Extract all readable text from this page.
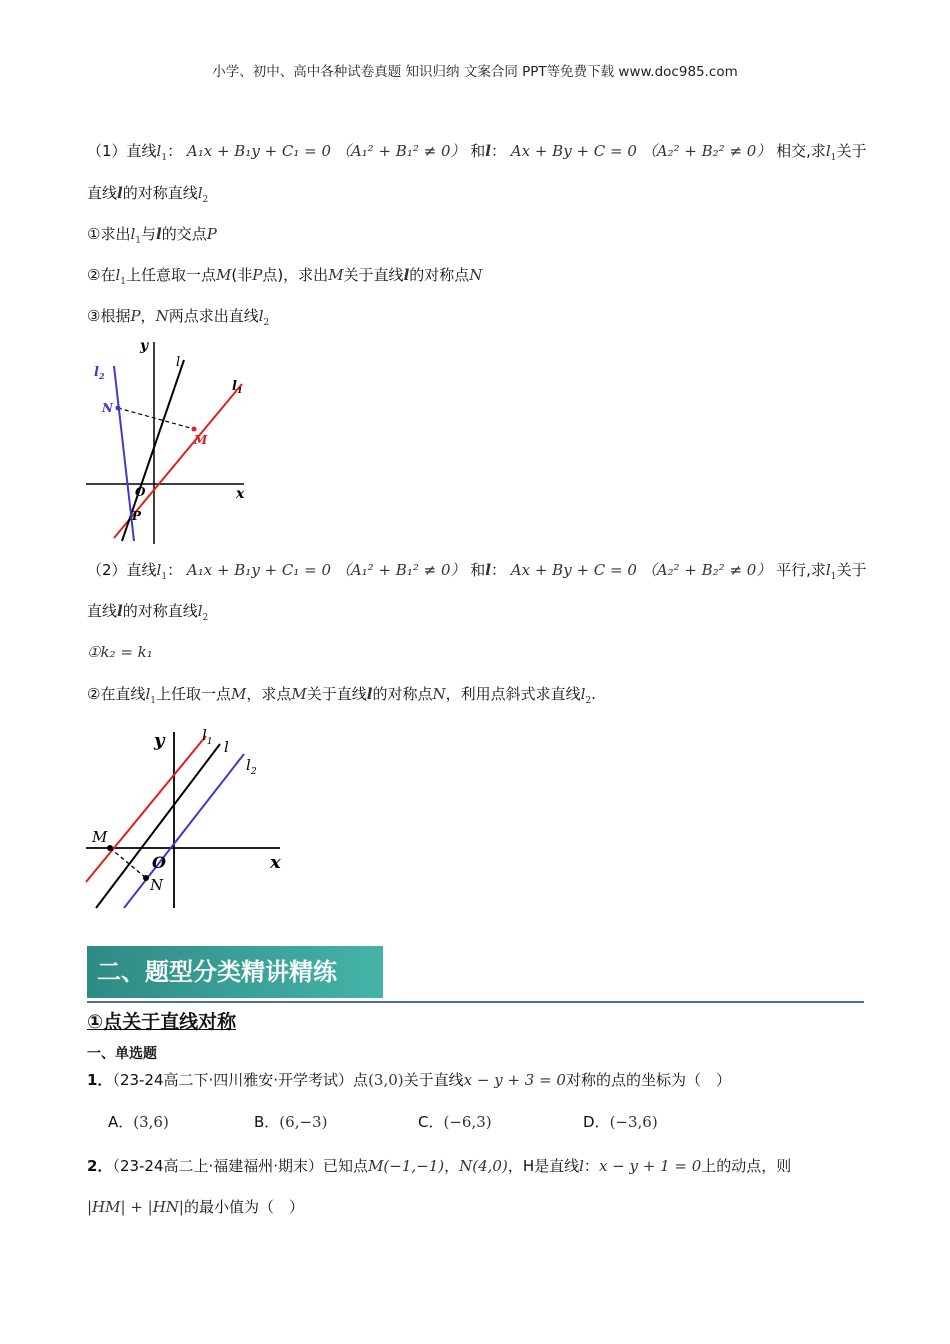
小学、初中、高中各种试卷真题 知识归纳 文案合同 PPT等免费下载 www.doc985.com
（1）直线$l_1$： A₁x + B₁y + C₁ = 0 （A₁² + B₁² ≠ 0） 和l： Ax + By + C = 0 （A₂² + B₂² ≠ 0） 相交,求$l_1$关于
直线l的对称直线$l_2$
①求出$l_1$与l的交点P
②在$l_1$上任意取一点M(非P点)，求出M关于直线l的对称点N
③根据P，N两点求出直线$l_2$
y
x
l
$l_1$
$l_2$
N
M
O
P
（2）直线$l_1$： A₁x + B₁y + C₁ = 0 （A₁² + B₁² ≠ 0） 和l： Ax + By + C = 0 （A₂² + B₂² ≠ 0） 平行,求$l_1$关于
直线l的对称直线$l_2$
①k₂ = k₁
②在直线$l_1$上任取一点M，求点M关于直线l的对称点N，利用点斜式求直线$l_2$.
y
x
$l_1$ l
$l_2$
M
N
O
二、题型分类精讲精练
①点关于直线对称
一、单选题
1．（23-24高二下·四川雅安·开学考试）点(3,0)关于直线x − y + 3 = 0对称的点的坐标为（　）
A．(3,6)	B．(6,−3)	C．(−6,3)	D．(−3,6)
2．（23-24高二上·福建福州·期末）已知点M(−1,−1)，N(4,0)，H是直线l：x − y + 1 = 0上的动点，则
|HM| + |HN|的最小值为（　）
